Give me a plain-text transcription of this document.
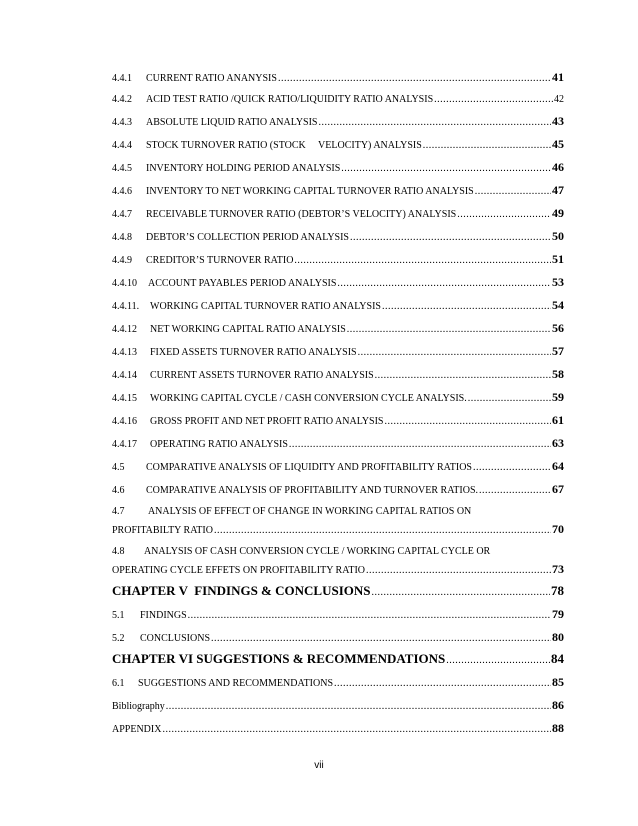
4.4.1	CURRENT RATIO ANANYSIS .....	41
4.4.2	ACID TEST RATIO /QUICK RATIO/LIQUIDITY RATIO ANALYSIS .....	42
4.4.3	ABSOLUTE LIQUID RATIO ANALYSIS .....	43
4.4.4	STOCK TURNOVER RATIO (STOCK     VELOCITY) ANALYSIS .....	45
4.4.5	INVENTORY HOLDING PERIOD ANALYSIS .....	46
4.4.6	INVENTORY TO NET WORKING CAPITAL TURNOVER RATIO ANALYSIS .....	47
4.4.7	RECEIVABLE TURNOVER RATIO (DEBTOR’S VELOCITY) ANALYSIS .....	49
4.4.8	DEBTOR’S COLLECTION PERIOD ANALYSIS .....	50
4.4.9	CREDITOR’S TURNOVER RATIO .....	51
4.4.10	ACCOUNT PAYABLES PERIOD ANALYSIS .....	53
4.4.11.	WORKING CAPITAL TURNOVER RATIO ANALYSIS .....	54
4.4.12	NET WORKING CAPITAL RATIO ANALYSIS .....	56
4.4.13	FIXED ASSETS TURNOVER RATIO ANALYSIS .....	57
4.4.14	CURRENT ASSETS TURNOVER RATIO ANALYSIS .....	58
4.4.15	WORKING CAPITAL CYCLE / CASH CONVERSION CYCLE ANALYSIS. .....	59
4.4.16	GROSS PROFIT AND NET PROFIT RATIO ANALYSIS .....	61
4.4.17	OPERATING RATIO ANALYSIS .....	63
4.5	COMPARATIVE ANALYSIS OF LIQUIDITY AND PROFITABILITY RATIOS .....	64
4.6	COMPARATIVE ANALYSIS OF PROFITABILITY AND TURNOVER RATIOS. .....	67
4.7 ANALYSIS OF EFFECT OF CHANGE IN WORKING CAPITAL RATIOS ON
PROFITABILTY RATIO .....	70
4.8 ANALYSIS OF CASH CONVERSION CYCLE / WORKING CAPITAL CYCLE OR
OPERATING CYCLE EFFETS ON PROFITABILITY RATIO .....	73
CHAPTER V  FINDINGS & CONCLUSIONS .....	78
5.1	FINDINGS .....	79
5.2	CONCLUSIONS .....	80
CHAPTER VI SUGGESTIONS & RECOMMENDATIONS .....	84
6.1	SUGGESTIONS AND RECOMMENDATIONS .....	85
Bibliography .....	86
APPENDIX .....	88
vii
